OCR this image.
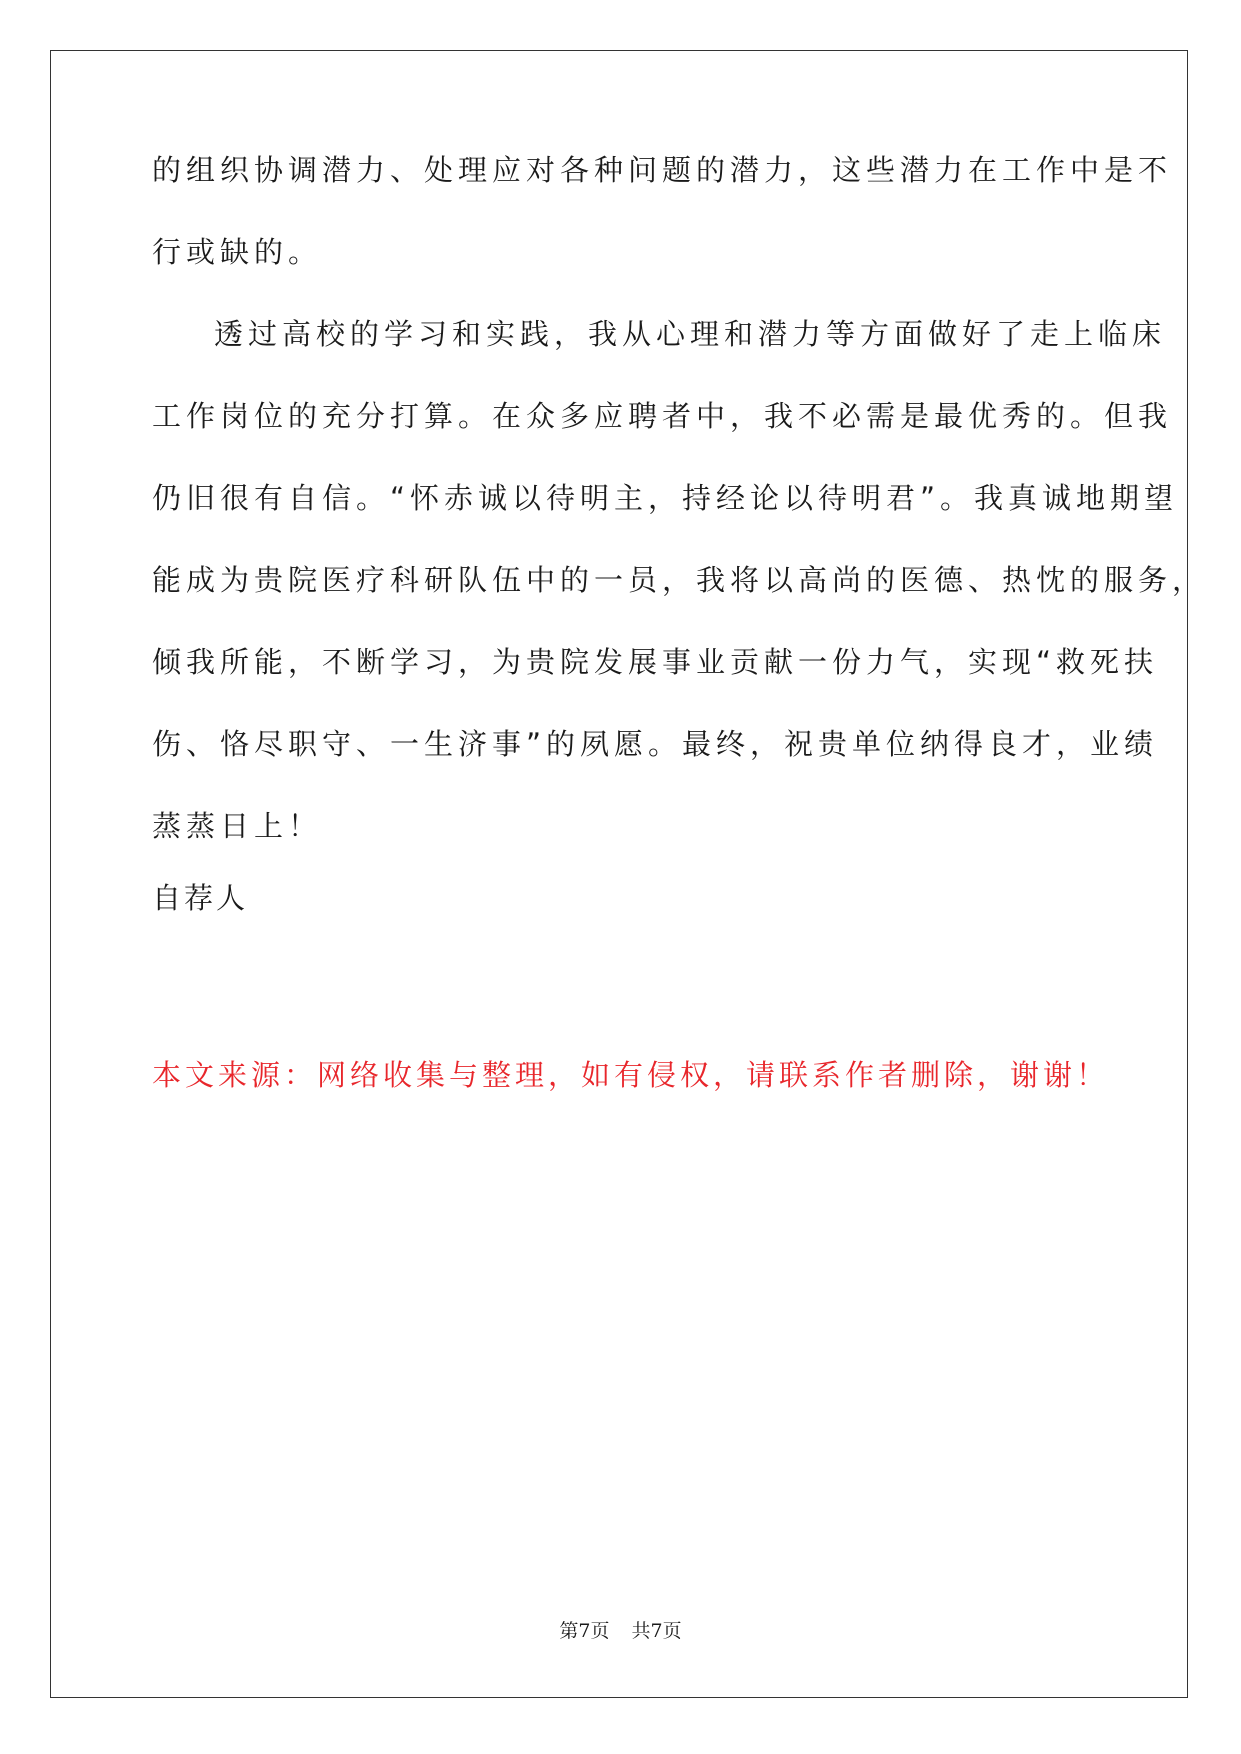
的组织协调潜力、处理应对各种问题的潜力，这些潜力在工作中是不
行或缺的。
透过高校的学习和实践，我从心理和潜力等方面做好了走上临床
工作岗位的充分打算。在众多应聘者中，我不必需是最优秀的。但我
仍旧很有自信。“怀赤诚以待明主，持经论以待明君”。我真诚地期望
能成为贵院医疗科研队伍中的一员，我将以高尚的医德、热忱的服务，
倾我所能，不断学习，为贵院发展事业贡献一份力气，实现“救死扶
伤、恪尽职守、一生济事”的夙愿。最终，祝贵单位纳得良才，业绩
蒸蒸日上！
自荐人
本文来源：网络收集与整理，如有侵权，请联系作者删除，谢谢！
第7页 共7页
